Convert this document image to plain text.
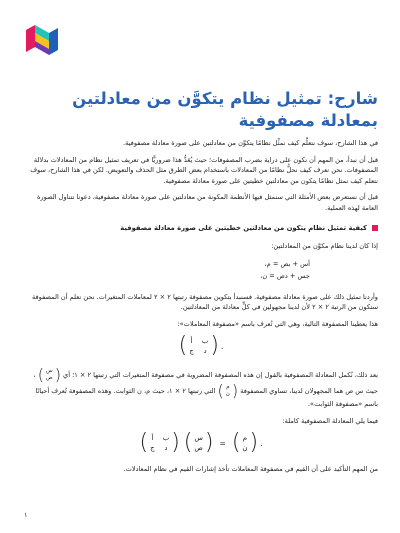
شارح: تمثيل نظام يتكوَّن من معادلتين بمعادلة مصفوفية

في هذا الشارح، سوف نتعلَّم كيف نمثِّل نظامًا يتكوَّن من معادلتين على صورة معادلة مصفوفية.

قبل أن نبدأ، من المهم أن نكون على دراية بضرب المصفوفات؛ حيث يُعَدُّ هذا ضروريًّا في تعريف تمثيل نظام من المعادلات بدلالة المصفوفات. نحن نعرف كيف نحلُّ نظامًا من المعادلات باستخدام بعض الطرق مثل الحذف والتعويض. لكن في هذا الشارح، سوف نتعلم كيف نمثل نظامًا يتكون من معادلتين خطيتين على صورة معادلة مصفوفية.

قبل أن نستعرض بعض الأمثلة التي سنمثل فيها الأنظمة المكونة من معادلتين على صورة معادلة مصفوفية، دعونا نتناول الصورة العامة لهذه العملية.

كيفية تمثيل نظام يتكون من معادلتين خطيتين على صورة معادلة مصفوفية

إذا كان لدينا نظام مكوَّن من المعادلتين:

أس + بص = م،
جس + دص = ن،

وأردنا تمثيل ذلك على صورة معادلة مصفوفية. فسنبدأ بتكوين مصفوفة رتبتها ٢ × ٢ لمعاملات المتغيرات. نحن نعلم أن المصفوفة ستكون من الرتبة ٢ × ٢ لأن لدينا مجهولين في كلٍّ معادلة من المعادلتين.

هذا يعطينا المصفوفة التالية، وهي التي تُعرف باسم «مصفوفة المعاملات»:

( أ ب
ج د ) .

بعد ذلك، نُكمل المعادلة المصفوفية بالقول إن هذه المصفوفة المضروبة في مصفوفة المتغيرات التي رتبتها ٢ × ١؛ أي
( س
ص )
، حيث س ص هما المجهولان لدينا، تساوي المصفوفة
( م
ن )
التي رتبتها ٢ × ١، حيث م، ن الثوابت. وهذه المصفوفة تُعرف أحيانًا باسم «مصفوفة الثوابت».

فيما يلي المعادلة المصفوفية كاملة:

( أ ب
ج د ) ( س
ص ) = ( م
ن ) .

من المهم التأكيد على أن القيم في مصفوفة المعاملات تأخذ إشارات القيم في نظام المعادلات.

١
